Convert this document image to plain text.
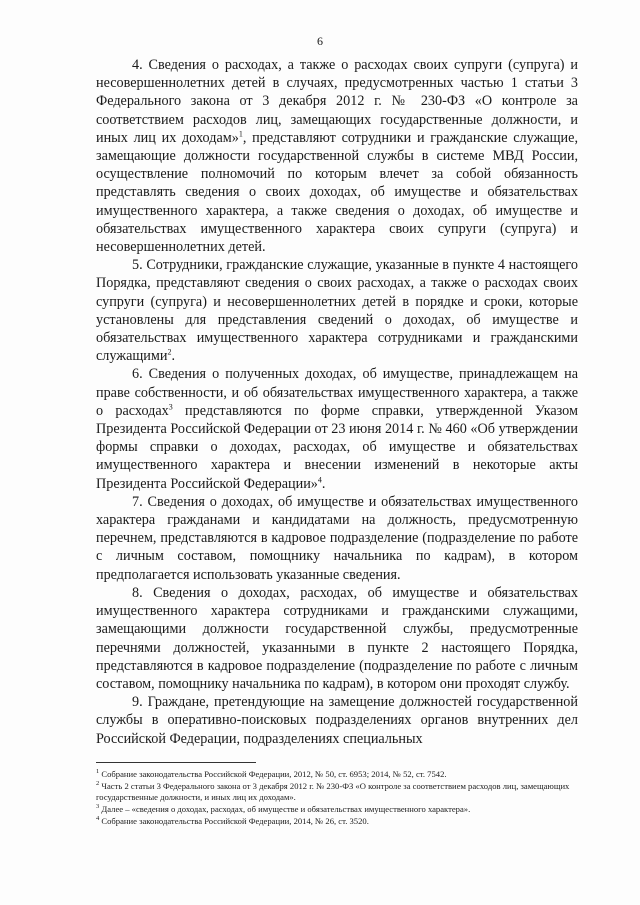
6

4. Сведения о расходах, а также о расходах своих супруги (супруга) и несовершеннолетних детей в случаях, предусмотренных частью 1 статьи 3 Федерального закона от 3 декабря 2012 г. № 230-ФЗ «О контроле за соответствием расходов лиц, замещающих государственные должности, и иных лиц их доходам»$^1$, представляют сотрудники и гражданские служащие, замещающие должности государственной службы в системе МВД России, осуществление полномочий по которым влечет за собой обязанность представлять сведения о своих доходах, об имуществе и обязательствах имущественного характера, а также сведения о доходах, об имуществе и обязательствах имущественного характера своих супруги (супруга) и несовершеннолетних детей.

5. Сотрудники, гражданские служащие, указанные в пункте 4 настоящего Порядка, представляют сведения о своих расходах, а также о расходах своих супруги (супруга) и несовершеннолетних детей в порядке и сроки, которые установлены для представления сведений о доходах, об имуществе и обязательствах имущественного характера сотрудниками и гражданскими служащими$^2$.

6. Сведения о полученных доходах, об имуществе, принадлежащем на праве собственности, и об обязательствах имущественного характера, а также о расходах$^3$ представляются по форме справки, утвержденной Указом Президента Российской Федерации от 23 июня 2014 г. № 460 «Об утверждении формы справки о доходах, расходах, об имуществе и обязательствах имущественного характера и внесении изменений в некоторые акты Президента Российской Федерации»$^4$.

7. Сведения о доходах, об имуществе и обязательствах имущественного характера гражданами и кандидатами на должность, предусмотренную перечнем, представляются в кадровое подразделение (подразделение по работе с личным составом, помощнику начальника по кадрам), в котором предполагается использовать указанные сведения.

8. Сведения о доходах, расходах, об имуществе и обязательствах имущественного характера сотрудниками и гражданскими служащими, замещающими должности государственной службы, предусмотренные перечнями должностей, указанными в пункте 2 настоящего Порядка, представляются в кадровое подразделение (подразделение по работе с личным составом, помощнику начальника по кадрам), в котором они проходят службу.

9. Граждане, претендующие на замещение должностей государственной службы в оперативно-поисковых подразделениях органов внутренних дел Российской Федерации, подразделениях специальных

$^1$ Собрание законодательства Российской Федерации, 2012, № 50, ст. 6953; 2014, № 52, ст. 7542.

$^2$ Часть 2 статьи 3 Федерального закона от 3 декабря 2012 г. № 230-ФЗ «О контроле за соответствием расходов лиц, замещающих государственные должности, и иных лиц их доходам».

$^3$ Далее – «сведения о доходах, расходах, об имуществе и обязательствах имущественного характера».

$^4$ Собрание законодательства Российской Федерации, 2014, № 26, ст. 3520.
